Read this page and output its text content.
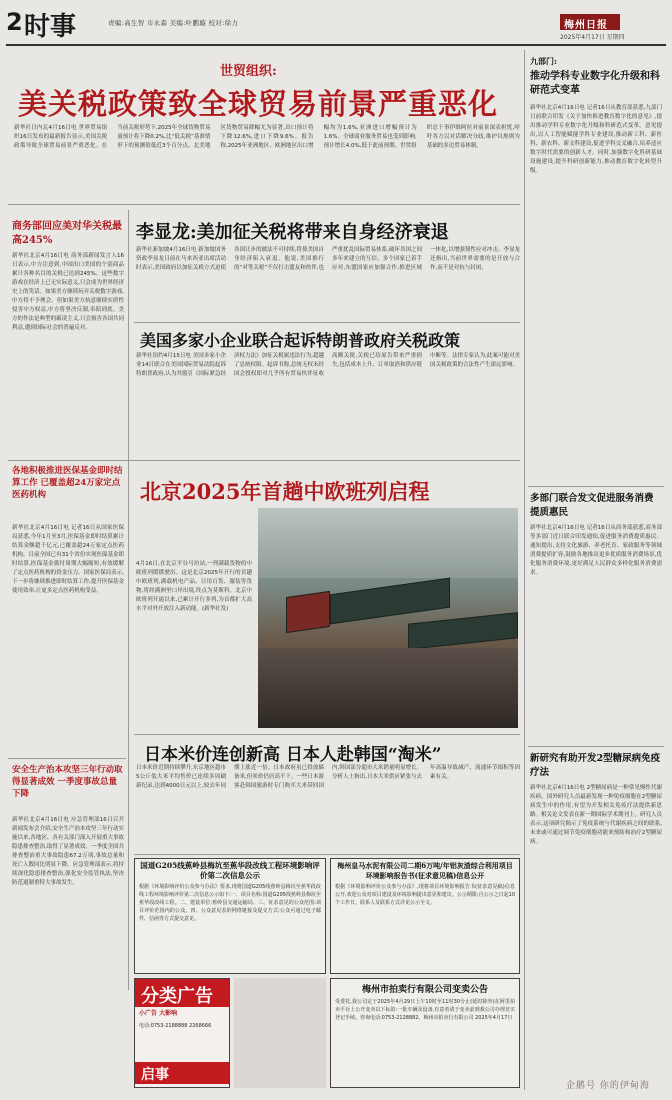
2 时事	责编:高生智 市永森 美编:叶鹏璇 校对:徐力	梅州日报
2025年4月17日 星期四
世贸组织:
美关税政策致全球贸易前景严重恶化
新华社日内瓦4月16日电 世界贸易组织16日发布的最新报告显示,美国关税政策导致全球贸易前景严重恶化。在当前关税形势下,2025年全球货物贸易量预计将下降0.2%,比“低关税”基准情形下的预测值低近3个百分点。北美地区货物贸易降幅尤为显著,出口预计将下降12.6%,进口下降9.6%。报告称,2025年亚洲地区、欧洲地区出口增幅均为1.6%,亚洲进口增幅预计为1.6%。全球商业服务贸易也受到影响,预计增长4.0%,低于此前预期。世贸组织总干事伊维阿拉对前景深表担忧,呼吁各方以对话解决分歧,维护以规则为基础的多边贸易体制。
商务部回应美对华关税最高245%
新华社北京4月16日电 商务部新闻发言人16日表示,中方注意到,中国出口美国的个别商品累计各种名目的关税已达到245%。这些数字游戏在经济上已无实际意义,只会成为世界经济史上的笑话。如果美方继续玩弄关税数字游戏,中方将不予理会。但如果美方执意继续实质性侵害中方权益,中方将坚决反制,奉陪到底。美方的作法是典型的霸凌主义,只会损害各国共同利益,遭到国际社会的普遍反对。
李显龙:美加征关税将带来自身经济衰退
新华社新加坡4月16日电 新加坡国务资政李显龙日前在马来西亚出席活动时表示,美国政府以加征关税方式迫使各国让步的做法不可持续,将使美国自身经济陷入衰退。他说,美国推行的“对等关税”不仅打击盟友和伙伴,也严重扰乱国际贸易体系,破坏各国之间多年来建立的互信。多个国家已着手应对,东盟国家应加强合作,推进区域一体化,以增强韧性应对冲击。李显龙还指出,当前世界需要的是开放与合作,而不是对抗与封闭。
美国多家小企业联合起诉特朗普政府关税政策
新华社纽约4月15日电 美国多家小企业14日联合在美国国际贸易法院起诉特朗普政府,认为其援引《国际紧急经济权力法》加征关税属违法行为,超越了总统权限。起诉书称,总统无权未经国会授权即对几乎所有贸易伙伴征收高额关税,关税已给原告带来严重损失,包括成本上升、订单取消和供应链中断等。法律专家认为,此案可能对美国关税政策的合法性产生深远影响。
各地积极推进医保基金即时结算工作 已覆盖超24万家定点医药机构
新华社北京4月16日电 记者16日从国家医保局获悉,今年1月至3月,医保基金即时结算累计结算金额超千亿元,已覆盖超24万家定点医药机构。目前全国已有31个省份实现医保基金即时结算,医保基金拨付周期大幅缩短,有效缓解了定点医药机构的资金压力。国家医保局表示,下一步将继续推进即时结算工作,提升医保基金使用效率,让更多定点医药机构受益。
安全生产治本攻坚三年行动取得显著成效 一季度事故总量下降
新华社北京4月16日电 应急管理部16日召开新闻发布会介绍,安全生产治本攻坚三年行动实施以来,各地区、各有关部门深入开展重大事故隐患排查整治,取得了显著成效。一季度全国共排查整治重大事故隐患67.2万项,事故总量和死亡人数同比明显下降。应急管理部表示,将持续深化隐患排查整治,强化安全监管执法,坚决防范遏制重特大事故发生。
北京2025年首趟中欧班列启程
4月16日,在北京平谷马坊站,一列满载货物的中欧班列缓缓驶出。这是北京2025年开行的首趟中欧班列,满载机电产品、日用百货、服装等货物,将经满洲里口岸出境,终点为莫斯科。北京中欧班列开通以来,已累计开行多列,为首都扩大高水平对外开放注入新动能。(新华社发)
日本米价连创新高 日本人赴韩国“淘米”
日本米价近期持续攀升,东京地区超市5公斤装大米平均售价已连续多周刷新纪录,达到4000日元以上,较去年同期上涨近一倍。日本政府虽已投放储备米,但米价仍居高不下。一些日本游客赴韩国旅游时专门购买大米带回国内,韩国部分超市大米销量明显增长。分析人士指出,日本大米供应紧张与去年高温导致减产、流通环节囤积等因素有关。
国道G205线蕉岭县梅坑至蕉华段改线工程环境影响评价第二次信息公示
根据《环境影响评价公众参与办法》要求,现将国道G205线蕉岭县梅坑至蕉华段改线工程环境影响评价第二次信息公示如下:一、项目名称:国道G205线蕉岭县梅坑至蕉华段改线工程。二、建设单位:蕉岭县交通运输局。三、征求意见的公众范围:项目评价范围内的公众。四、公众意见表的网络链接及提交方式:公众可通过电子邮件、信函等方式提交意见。
梅州皇马水泥有限公司二期6万吨/年铝灰渣综合利用项目环境影响报告书(征求意见稿)信息公开
根据《环境影响评价公众参与办法》,现将项目环境影响报告书(征求意见稿)信息公开,欢迎公众对项目建设及环境影响提出意见和建议。公示期限:自公示之日起10个工作日。联系人及联系方式详见公示全文。
分类广告
小广告 大影响
电话:0753-2188888 2268666
启事
梅州市拍卖行有限公司变卖公告
受委托,我公司定于2025年4月29日上午10时至11时30分止(延时除外)在阿里拍卖平台上公开变卖以下标的:一批车辆及设备,有意者请于变卖前到我公司办理竞买登记手续。咨询电话:0753-2128882。梅州市拍卖行有限公司 2025年4月17日
九部门:
推动学科专业数字化升级和科研范式变革
新华社北京4月16日电 记者16日从教育部获悉,九部门日前联合印发《关于加快推进教育数字化的意见》,提出推动学科专业数字化升级和科研范式变革。意见提出,以人工智能赋能学科专业建设,推动新工科、新医科、新农科、新文科建设,促进学科交叉融合,培养适应数字时代需要的创新人才。同时,加强数字化科研基础设施建设,提升科研创新能力,推动教育数字化转型升级。
多部门联合发文促进服务消费提质惠民
新华社北京4月16日电 记者16日从商务部获悉,商务部等多部门近日联合印发通知,促进服务消费提质惠民。通知提出,支持文化旅游、养老托育、家政服务等领域消费提质扩容,鼓励各地推出更多优质服务消费场景,优化服务消费环境,更好满足人民群众多样化服务消费需求。
新研究有助开发2型糖尿病免疫疗法
新华社北京4月16日电 2型糖尿病是一种常见慢性代谢疾病。国外研究人员最新发现一种免疫细胞在2型糖尿病发生中的作用,有望为开发相关免疫疗法提供新思路。相关论文发表在新一期国际学术期刊上。研究人员表示,这项研究揭示了免疫系统与代谢疾病之间的联系,未来或可通过调节免疫细胞功能来预防和治疗2型糖尿病。
企鹅号 你的伊甸海
